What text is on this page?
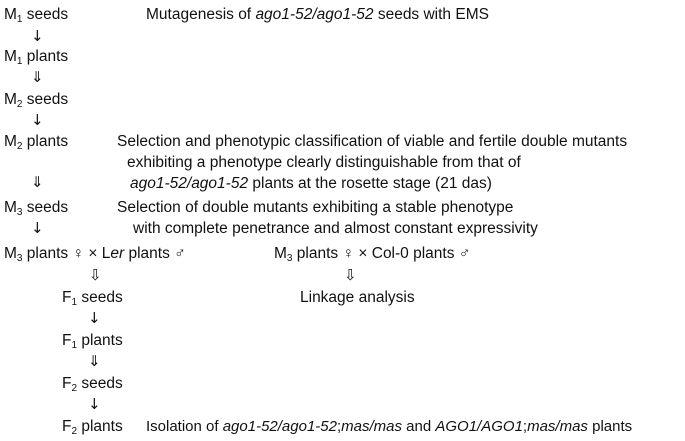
$M_1$ seeds	Mutagenesis of ago1-52/ago1-52 seeds with EMS
↓
$M_1$ plants
⇓
$M_2$ seeds
↓
$M_2$ plants	Selection and phenotypic classification of viable and fertile double mutants
exhibiting a phenotype clearly distinguishable from that of
ago1-52/ago1-52 plants at the rosette stage (21 das)
⇓
$M_3$ seeds	Selection of double mutants exhibiting a stable phenotype
with complete penetrance and almost constant expressivity
↓
$M_3$ plants ♀ × Ler plants ♂	$M_3$ plants ♀ × Col-0 plants ♂
⇩	⇩
$F_1$ seeds	Linkage analysis
↓
$F_1$ plants
⇓
$F_2$ seeds
↓
$F_2$ plants Isolation of ago1-52/ago1-52;mas/mas and AGO1/AGO1;mas/mas plants
